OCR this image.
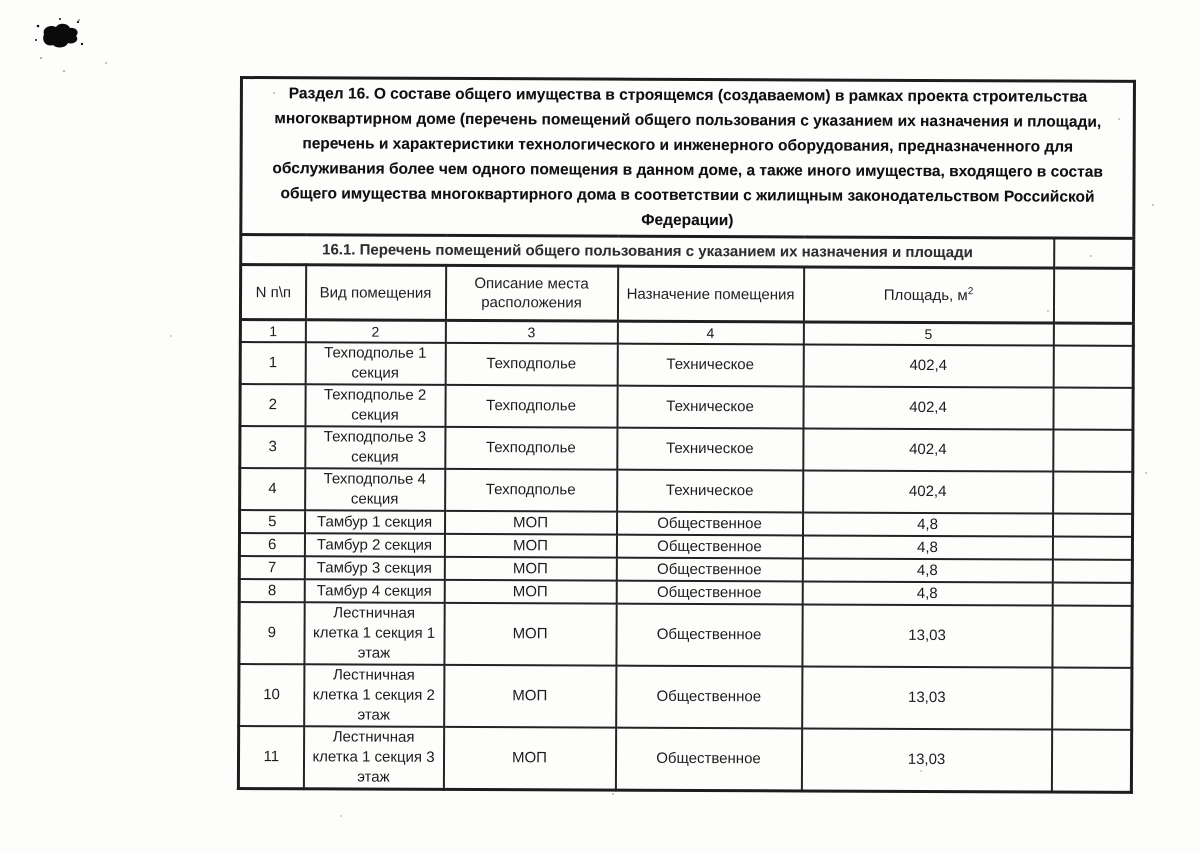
Раздел 16. О составе общего имущества в строящемся (создаваемом) в рамках проекта строительства многоквартирном доме (перечень помещений общего пользования с указанием их назначения и площади, перечень и характеристики технологического и инженерного оборудования, предназначенного для обслуживания более чем одного помещения в данном доме, а также иного имущества, входящего в состав общего имущества многоквартирного дома в соответствии с жилищным законодательством Российской Федерации)					
16.1. Перечень помещений общего пользования с указанием их назначения и площади					
N п\п	Вид помещения	Описание места расположения	Назначение помещения	Площадь, $м^2$	
1	2	3	4	5	
1	Техподполье 1 секция	Техподполье	Техническое	402,4	
2	Техподполье 2 секция	Техподполье	Техническое	402,4	
3	Техподполье 3 секция	Техподполье	Техническое	402,4	
4	Техподполье 4 секция	Техподполье	Техническое	402,4	
5	Тамбур 1 секция	МОП	Общественное	4,8	
6	Тамбур 2 секция	МОП	Общественное	4,8	
7	Тамбур 3 секция	МОП	Общественное	4,8	
8	Тамбур 4 секция	МОП	Общественное	4,8	
9	Лестничная клетка 1 секция 1 этаж	МОП	Общественное	13,03	
10	Лестничная клетка 1 секция 2 этаж	МОП	Общественное	13,03	
11	Лестничная клетка 1 секция 3 этаж	МОП	Общественное	13,03	
